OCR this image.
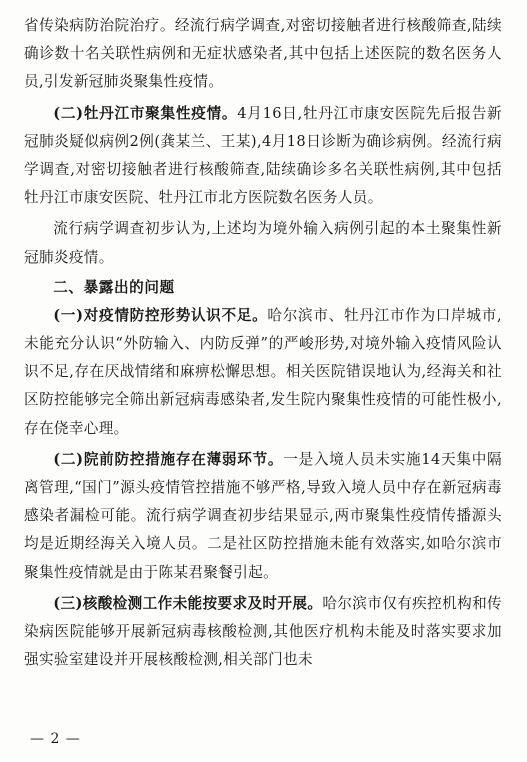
省传染病防治院治疗。经流行病学调查,对密切接触者进行核酸筛查,陆续确诊数十名关联性病例和无症状感染者,其中包括上述医院的数名医务人员,引发新冠肺炎聚集性疫情。

(二)牡丹江市聚集性疫情。4月16日,牡丹江市康安医院先后报告新冠肺炎疑似病例2例(龚某兰、王某),4月18日诊断为确诊病例。经流行病学调查,对密切接触者进行核酸筛查,陆续确诊多名关联性病例,其中包括牡丹江市康安医院、牡丹江市北方医院数名医务人员。

流行病学调查初步认为,上述均为境外输入病例引起的本土聚集性新冠肺炎疫情。

二、暴露出的问题

(一)对疫情防控形势认识不足。哈尔滨市、牡丹江市作为口岸城市,未能充分认识“外防输入、内防反弹”的严峻形势,对境外输入疫情风险认识不足,存在厌战情绪和麻痹松懈思想。相关医院错误地认为,经海关和社区防控能够完全筛出新冠病毒感染者,发生院内聚集性疫情的可能性极小,存在侥幸心理。

(二)院前防控措施存在薄弱环节。一是入境人员未实施14天集中隔离管理,“国门”源头疫情管控措施不够严格,导致入境人员中存在新冠病毒感染者漏检可能。流行病学调查初步结果显示,两市聚集性疫情传播源头均是近期经海关入境人员。二是社区防控措施未能有效落实,如哈尔滨市聚集性疫情就是由于陈某君聚餐引起。

(三)核酸检测工作未能按要求及时开展。哈尔滨市仅有疾控机构和传染病医院能够开展新冠病毒核酸检测,其他医疗机构未能及时落实要求加强实验室建设并开展核酸检测,相关部门也未

— 2 —
